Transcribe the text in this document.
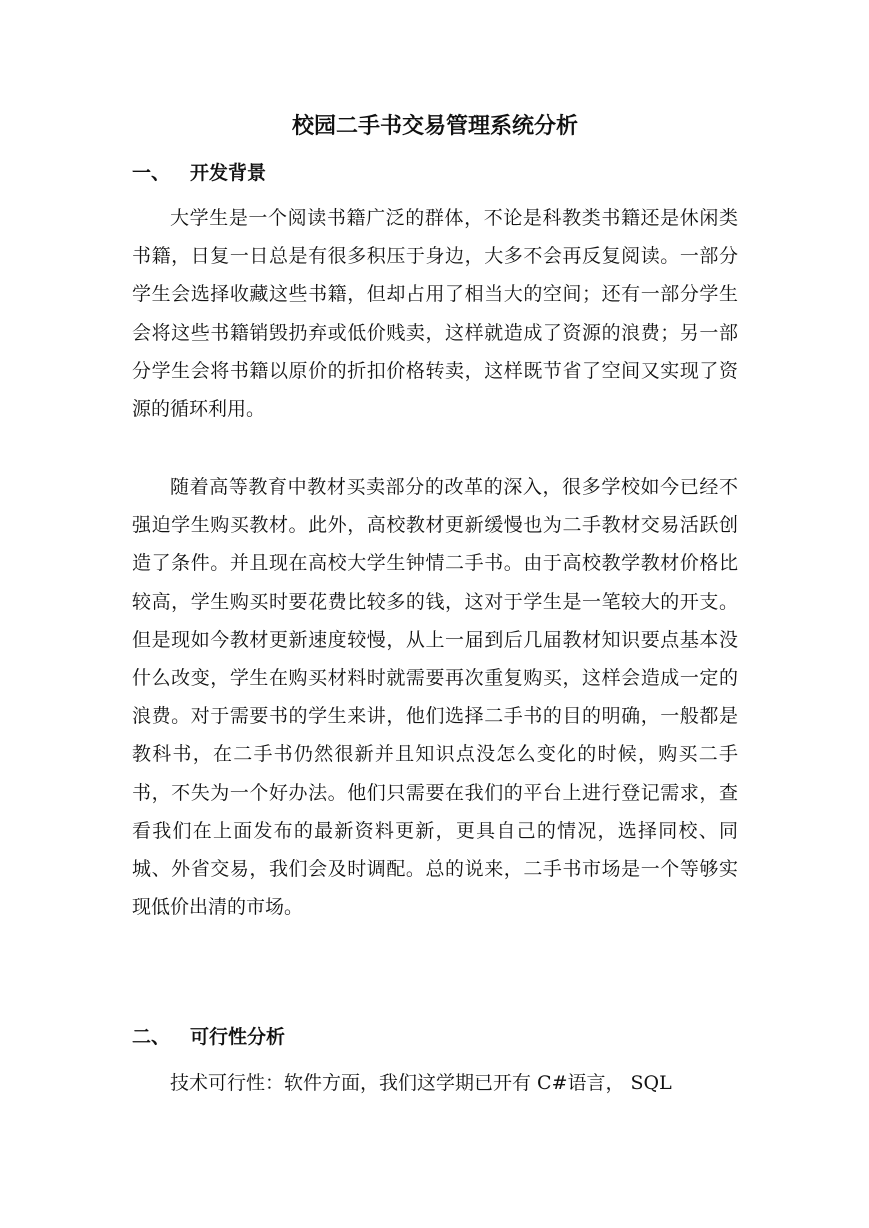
校园二手书交易管理系统分析
一、 开发背景

大学生是一个阅读书籍广泛的群体，不论是科教类书籍还是休闲类书籍，日复一日总是有很多积压于身边，大多不会再反复阅读。一部分学生会选择收藏这些书籍，但却占用了相当大的空间；还有一部分学生会将这些书籍销毁扔弃或低价贱卖，这样就造成了资源的浪费；另一部分学生会将书籍以原价的折扣价格转卖，这样既节省了空间又实现了资源的循环利用。

随着高等教育中教材买卖部分的改革的深入，很多学校如今已经不强迫学生购买教材。此外，高校教材更新缓慢也为二手教材交易活跃创造了条件。并且现在高校大学生钟情二手书。由于高校教学教材价格比较高，学生购买时要花费比较多的钱，这对于学生是一笔较大的开支。但是现如今教材更新速度较慢，从上一届到后几届教材知识要点基本没什么改变，学生在购买材料时就需要再次重复购买，这样会造成一定的浪费。对于需要书的学生来讲，他们选择二手书的目的明确，一般都是教科书，在二手书仍然很新并且知识点没怎么变化的时候，购买二手书，不失为一个好办法。他们只需要在我们的平台上进行登记需求，查看我们在上面发布的最新资料更新，更具自己的情况，选择同校、同城、外省交易，我们会及时调配。总的说来，二手书市场是一个等够实现低价出清的市场。

二、 可行性分析

技术可行性：软件方面，我们这学期已开有 C#语言， SQL
